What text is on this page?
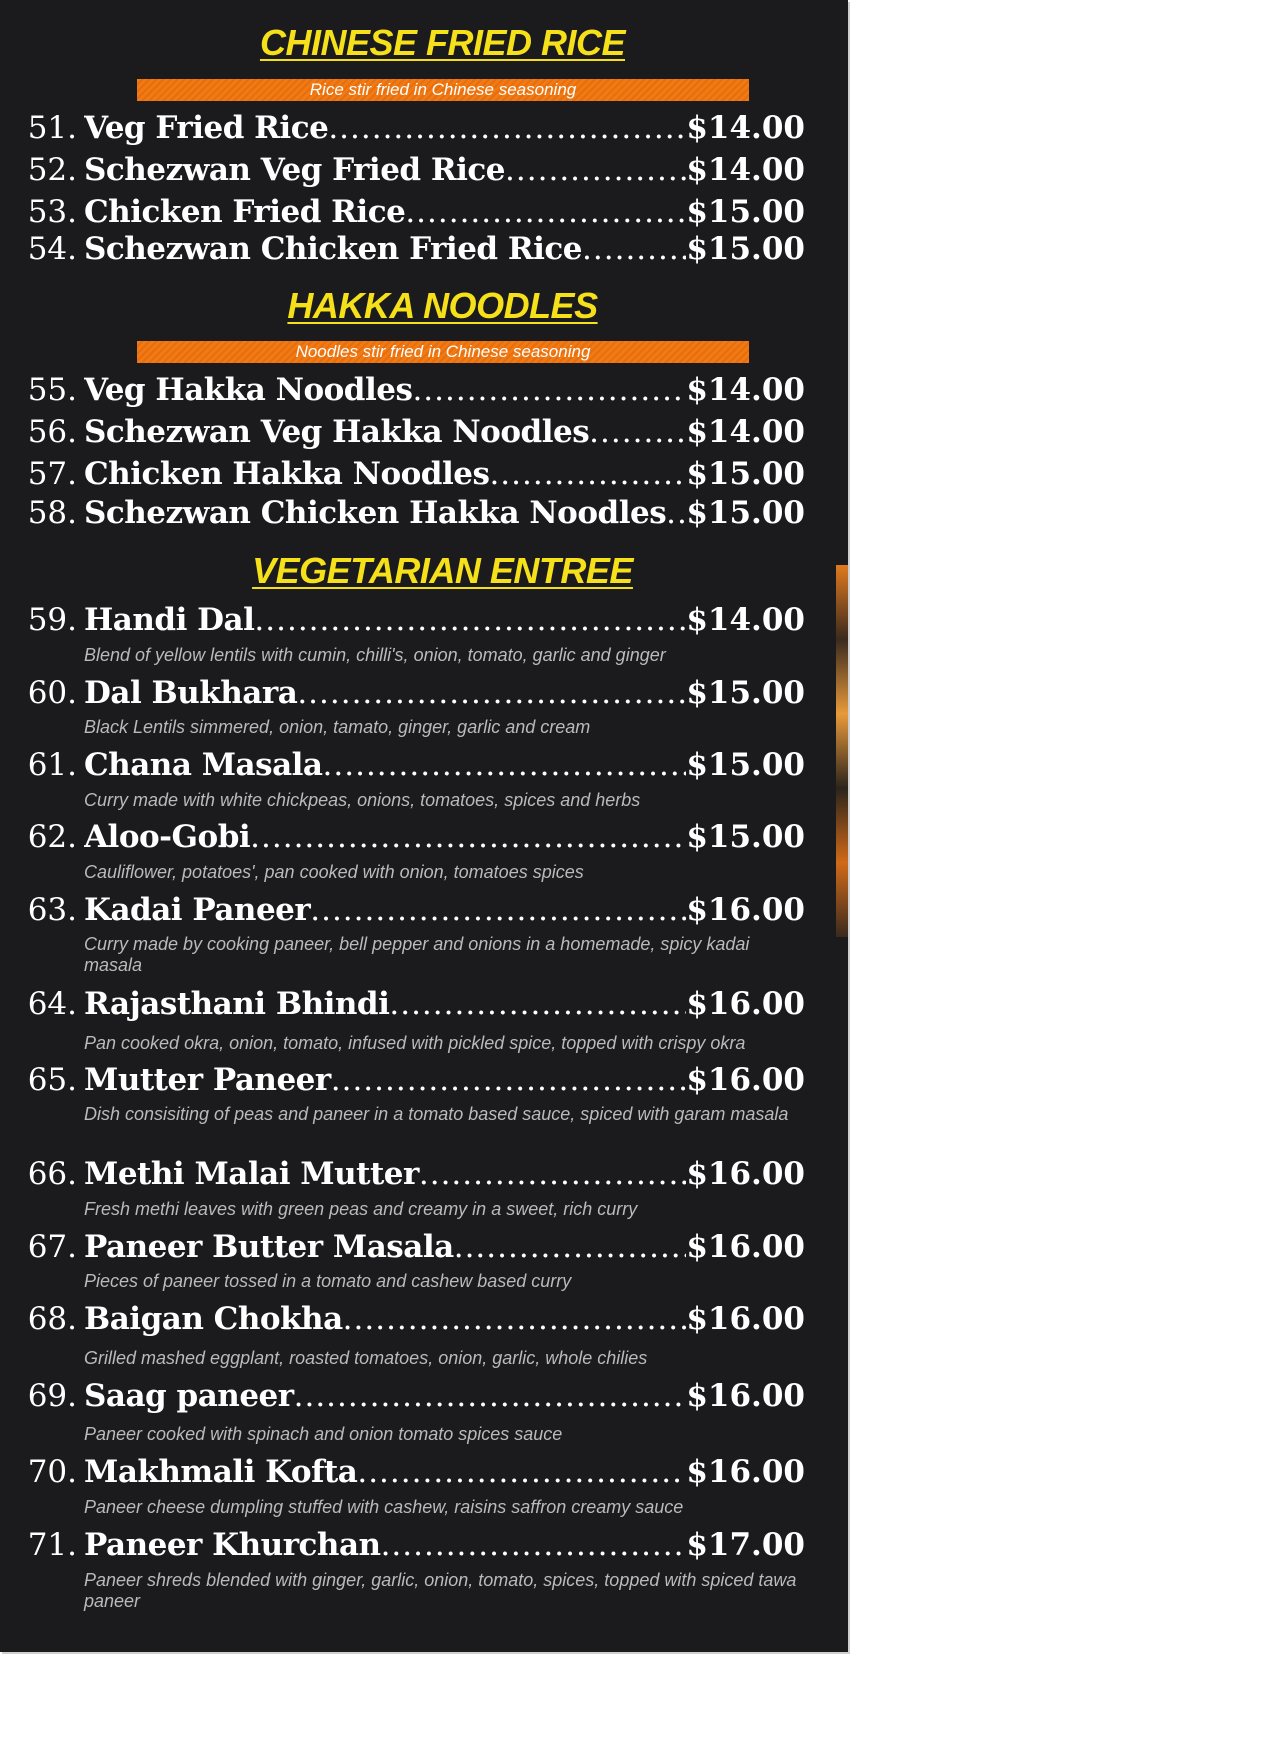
CHINESE FRIED RICE
Rice stir fried in Chinese seasoning
51. Veg Fried Rice .....	$14.00
52. Schezwan Veg Fried Rice .....	$14.00
53. Chicken Fried Rice .....	$15.00
54. Schezwan Chicken Fried Rice .....	$15.00
HAKKA NOODLES
Noodles stir fried in Chinese seasoning
55. Veg Hakka Noodles .....	$14.00
56. Schezwan Veg Hakka Noodles .....	$14.00
57. Chicken Hakka Noodles .....	$15.00
58. Schezwan Chicken Hakka Noodles ..... $15.00
VEGETARIAN ENTREE
59. Handi Dal .....	$14.00
Blend of yellow lentils with cumin, chilli's, onion, tomato, garlic and ginger
60. Dal Bukhara .....	$15.00
Black Lentils simmered, onion, tamato, ginger, garlic and cream
61. Chana Masala .....	$15.00
Curry made with white chickpeas, onions, tomatoes, spices and herbs
62. Aloo-Gobi .....	$15.00
Cauliflower, potatoes', pan cooked with onion, tomatoes spices
63. Kadai Paneer .....	$16.00
Curry made by cooking paneer, bell pepper and onions in a homemade, spicy kadai masala
64. Rajasthani Bhindi .....	$16.00
Pan cooked okra, onion, tomato, infused with pickled spice, topped with crispy okra
65. Mutter Paneer .....	$16.00
Dish consisiting of peas and paneer in a tomato based sauce, spiced with garam masala
66. Methi Malai Mutter .....	$16.00
Fresh methi leaves with green peas and creamy in a sweet, rich curry
67. Paneer Butter Masala .....	$16.00
Pieces of paneer tossed in a tomato and cashew based curry
68. Baigan Chokha .....	$16.00
Grilled mashed eggplant, roasted tomatoes, onion, garlic, whole chilies
69. Saag paneer .....	$16.00
Paneer cooked with spinach and onion tomato spices sauce
70. Makhmali Kofta .....	$16.00
Paneer cheese dumpling stuffed with cashew, raisins saffron creamy sauce
71. Paneer Khurchan .....	$17.00
Paneer shreds blended with ginger, garlic, onion, tomato, spices, topped with spiced tawa paneer
